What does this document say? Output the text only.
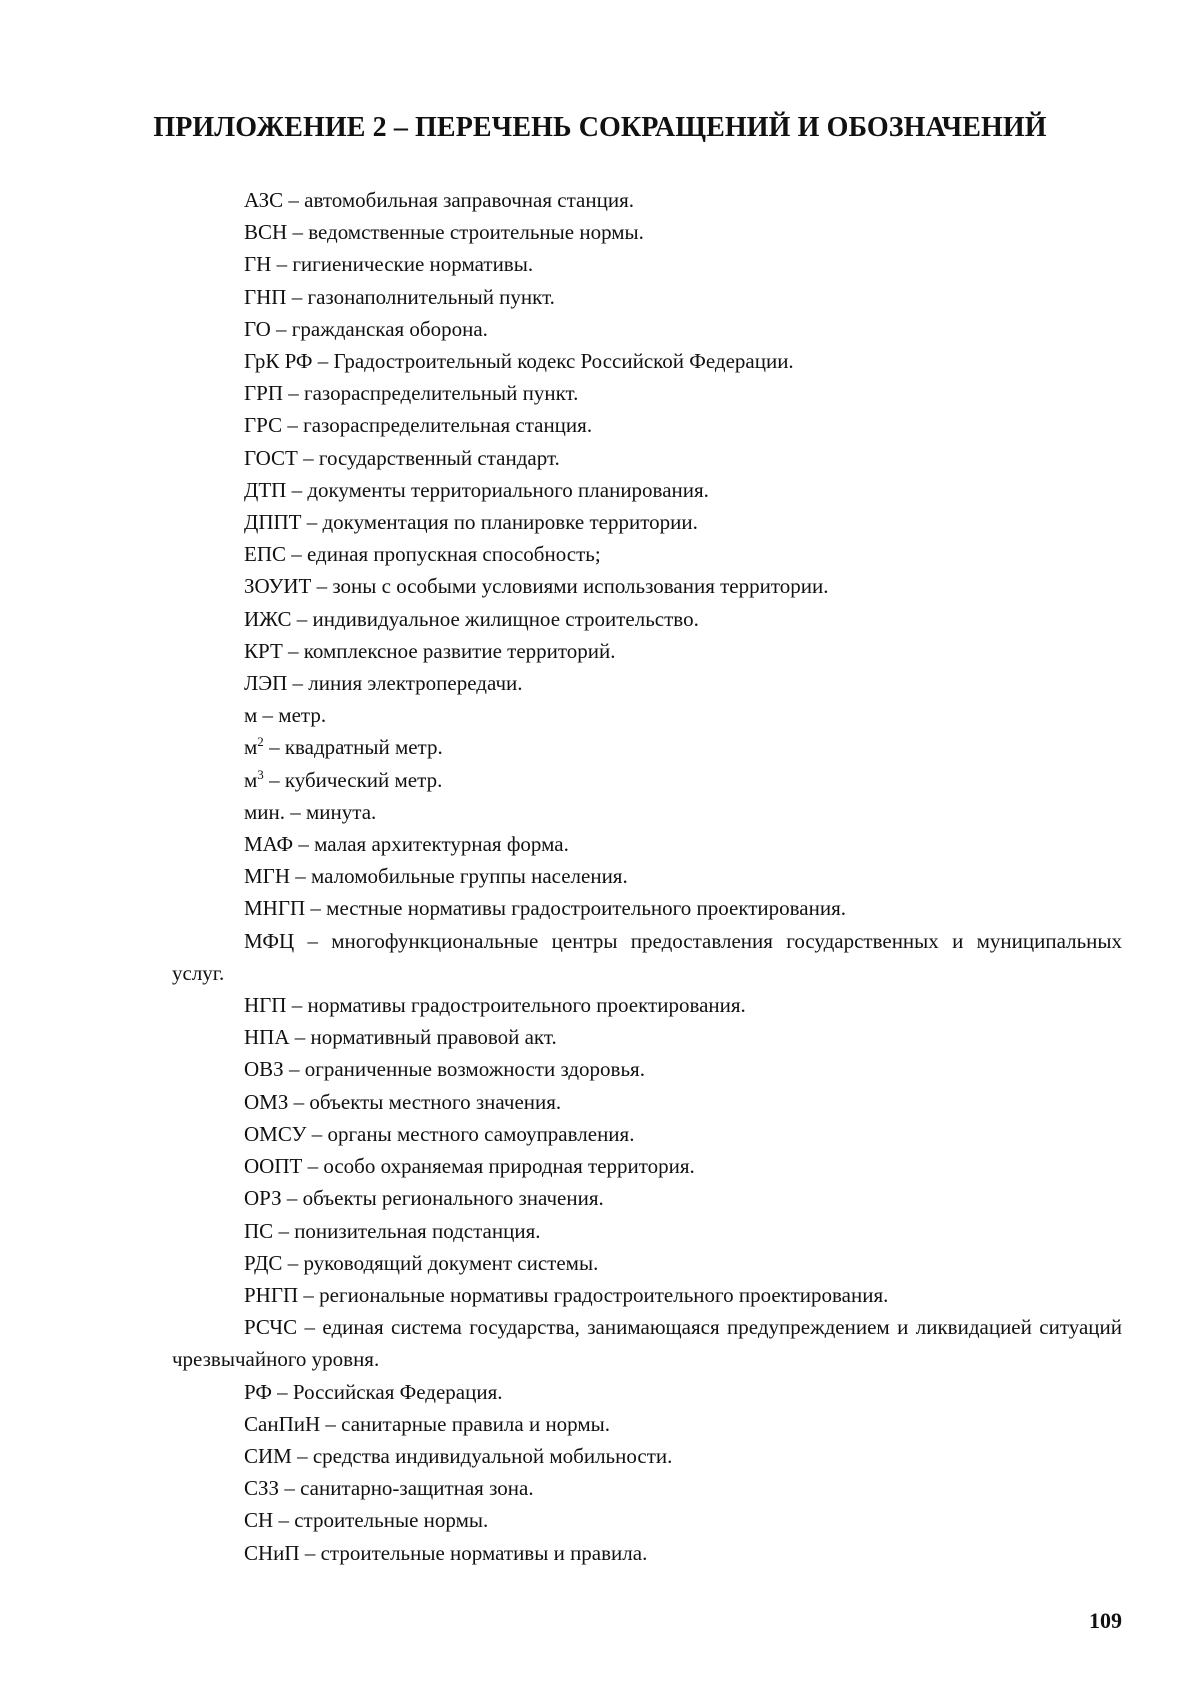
ПРИЛОЖЕНИЕ 2 – ПЕРЕЧЕНЬ СОКРАЩЕНИЙ И ОБОЗНАЧЕНИЙ
АЗС – автомобильная заправочная станция.
ВСН – ведомственные строительные нормы.
ГН – гигиенические нормативы.
ГНП – газонаполнительный пункт.
ГО – гражданская оборона.
ГрК РФ – Градостроительный кодекс Российской Федерации.
ГРП – газораспределительный пункт.
ГРС – газораспределительная станция.
ГОСТ – государственный стандарт.
ДТП – документы территориального планирования.
ДППТ – документация по планировке территории.
ЕПС – единая пропускная способность;
ЗОУИТ – зоны с особыми условиями использования территории.
ИЖС – индивидуальное жилищное строительство.
КРТ – комплексное развитие территорий.
ЛЭП – линия электропередачи.
м – метр.
$м^2$ – квадратный метр.
$м^3$ – кубический метр.
мин. – минута.
МАФ – малая архитектурная форма.
МГН – маломобильные группы населения.
МНГП – местные нормативы градостроительного проектирования.
МФЦ – многофункциональные центры предоставления государственных и муниципальных услуг.
НГП – нормативы градостроительного проектирования.
НПА – нормативный правовой акт.
ОВЗ – ограниченные возможности здоровья.
ОМЗ – объекты местного значения.
ОМСУ – органы местного самоуправления.
ООПТ – особо охраняемая природная территория.
ОРЗ – объекты регионального значения.
ПС – понизительная подстанция.
РДС – руководящий документ системы.
РНГП – региональные нормативы градостроительного проектирования.
РСЧС – единая система государства, занимающаяся предупреждением и ликвидацией ситуаций чрезвычайного уровня.
РФ – Российская Федерация.
СанПиН – санитарные правила и нормы.
СИМ – средства индивидуальной мобильности.
СЗЗ – санитарно-защитная зона.
СН – строительные нормы.
СНиП – строительные нормативы и правила.
109
